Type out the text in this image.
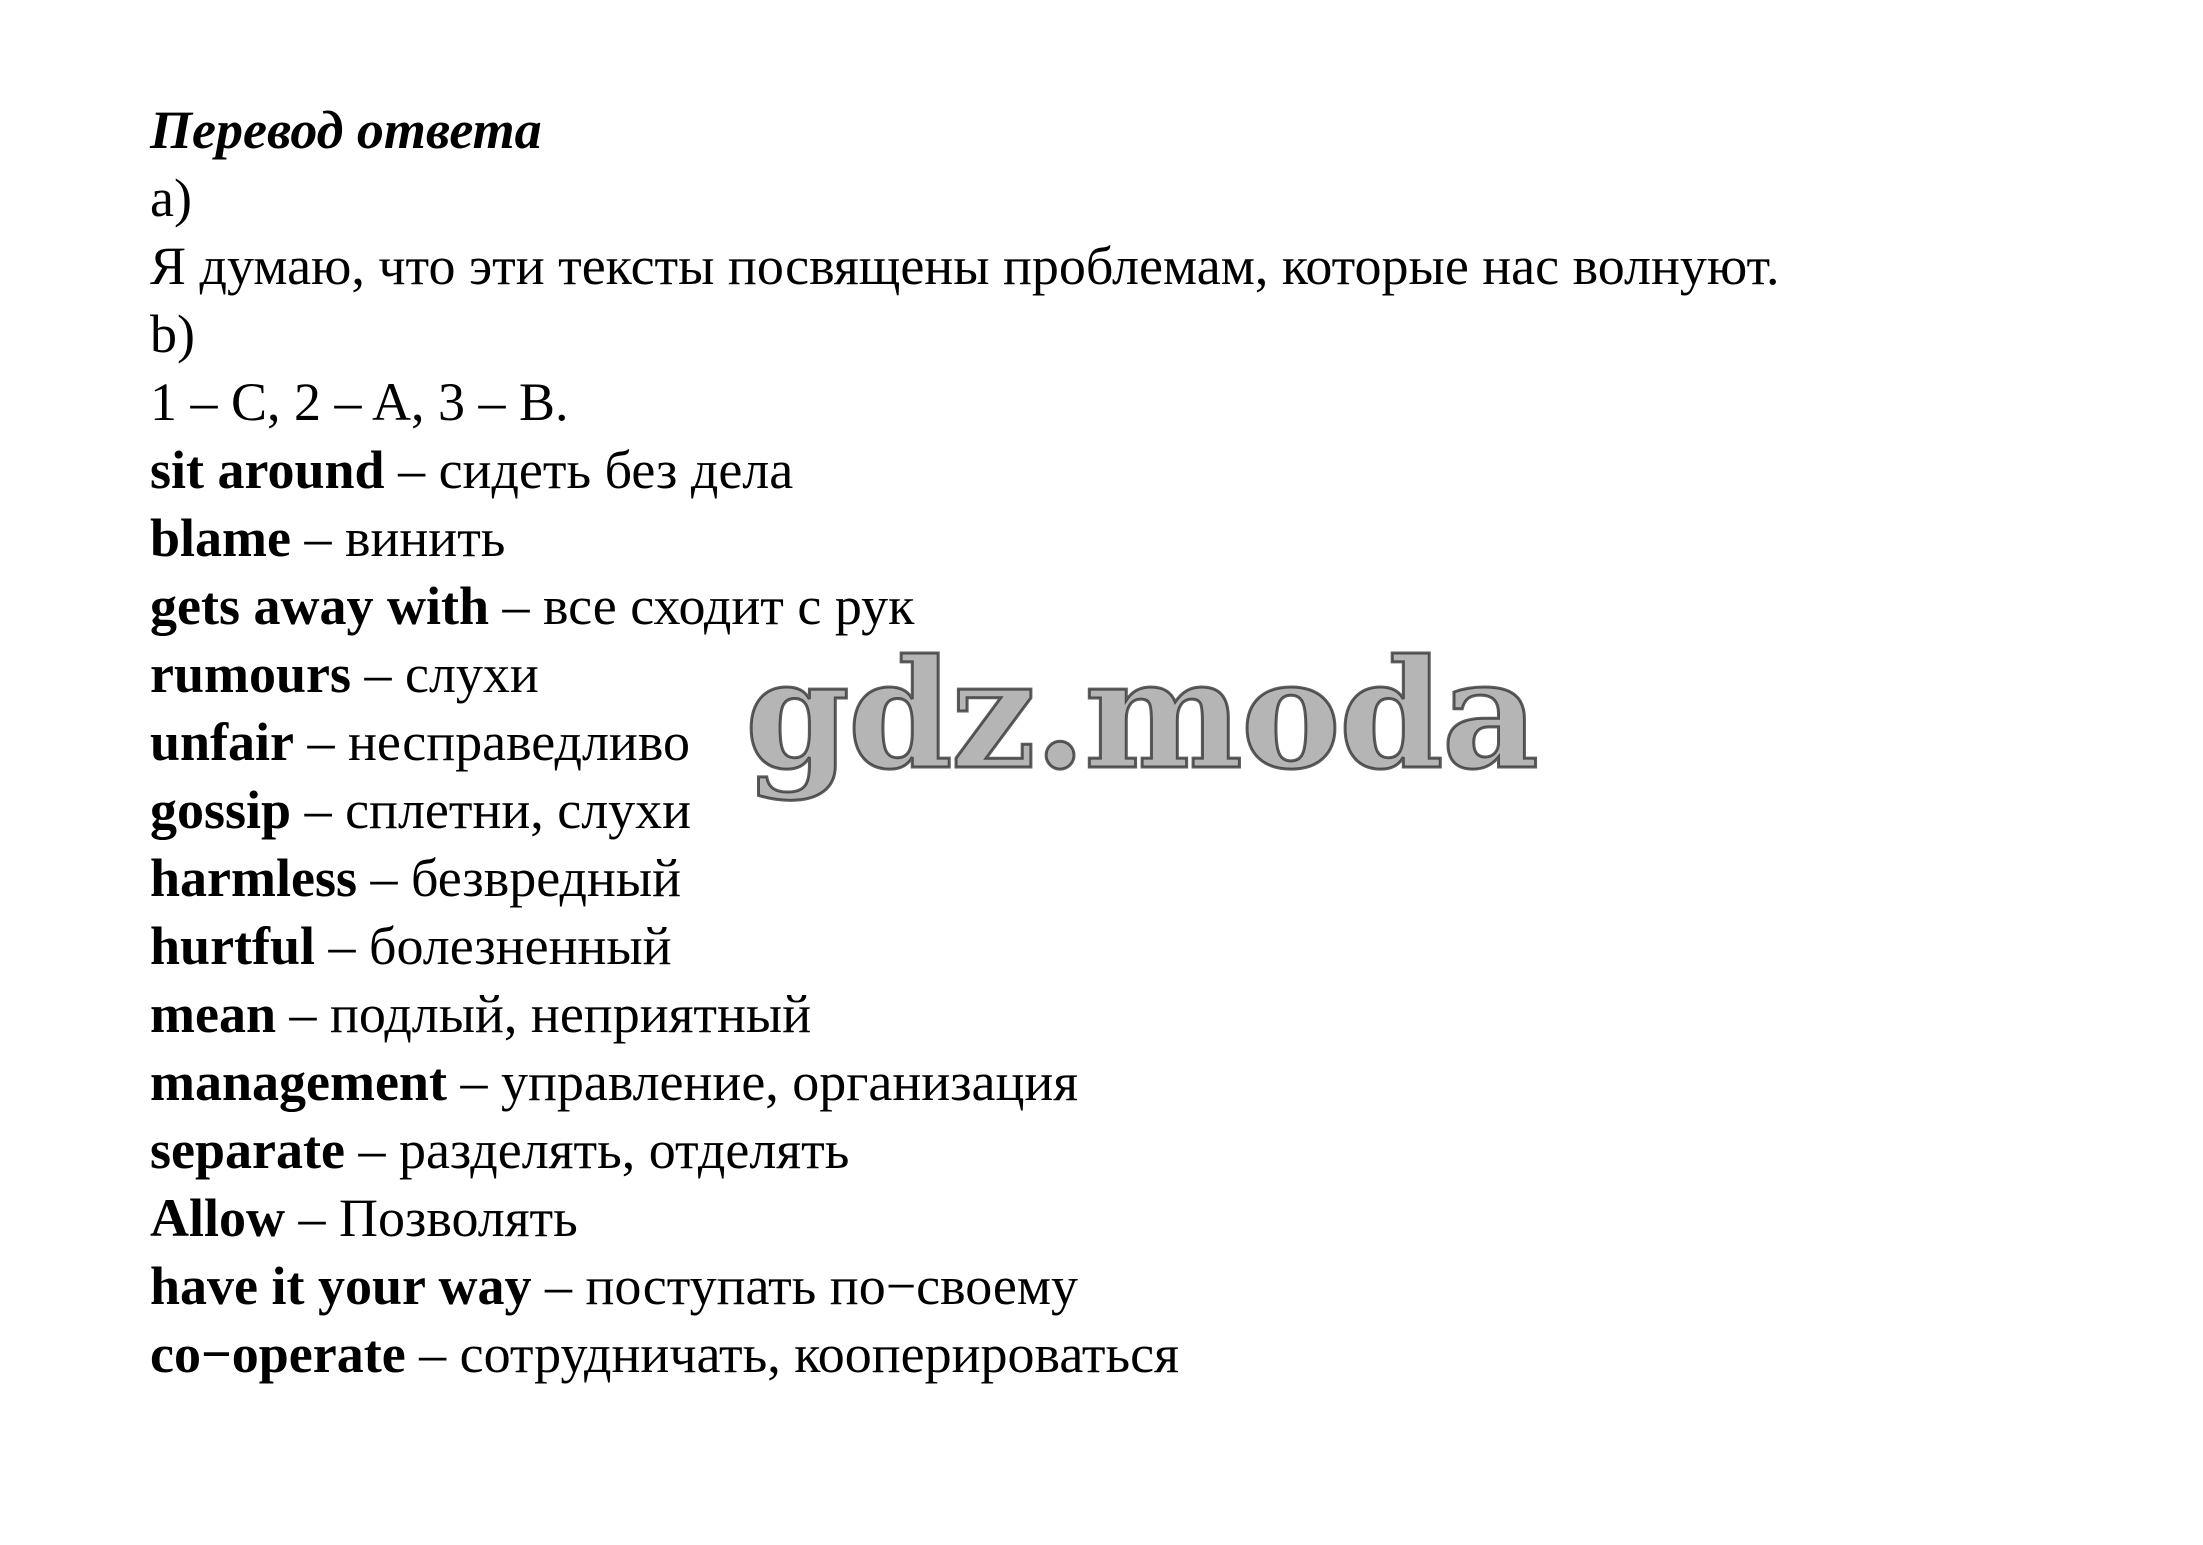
Перевод ответа
a)
Я думаю, что эти тексты посвящены проблемам, которые нас волнуют.
b)
1 – C, 2 – A, 3 – B.
sit around – сидеть без дела
blame – винить
gets away with – все сходит с рук
rumours – слухи
unfair – несправедливо
gossip – сплетни, слухи
harmless – безвредный
hurtful – болезненный
mean – подлый, неприятный
management – управление, организация
separate – разделять, отделять
Allow – Позволять
have it your way – поступать по−своему
co−operate – сотрудничать, кооперироваться
gdz.moda
